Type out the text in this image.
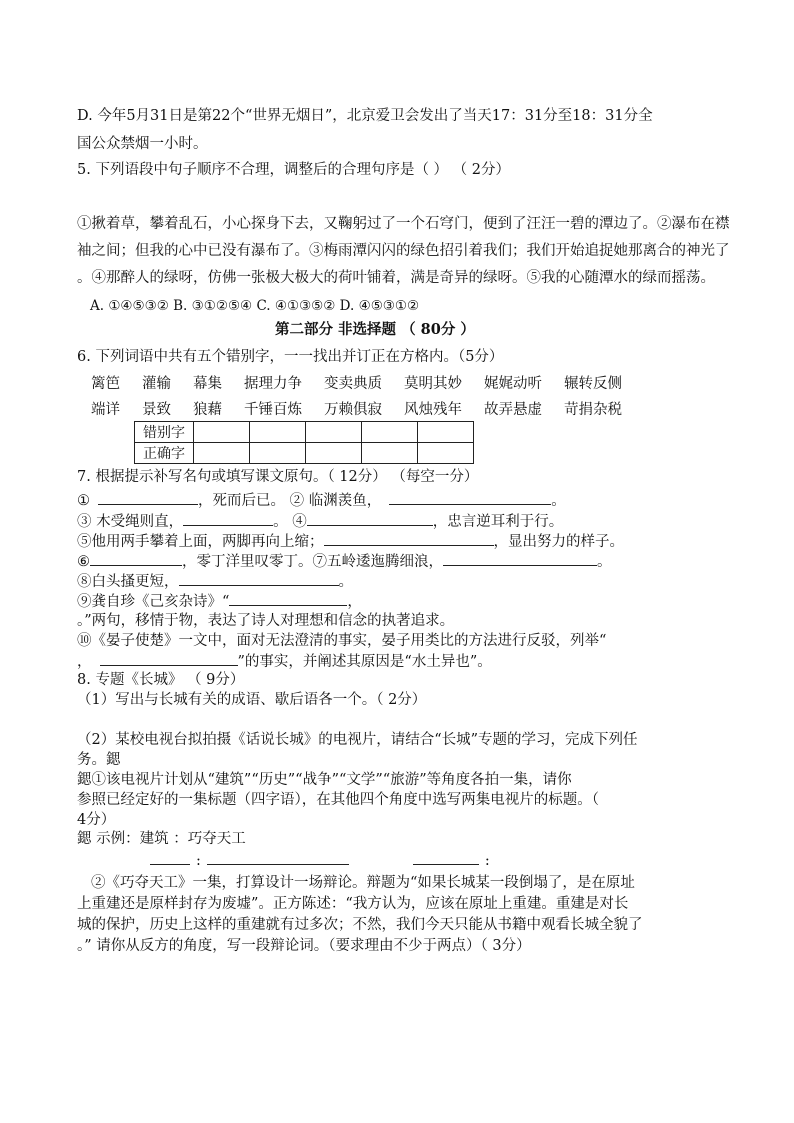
D. 今年5月31日是第22个“世界无烟日”，北京爱卫会发出了当天17：31分至18：31分全
国公众禁烟一小时。
5. 下列语段中句子顺序不合理，调整后的合理句序是（ ） （ 2分）
①揪着草，攀着乱石，小心探身下去，又鞠躬过了一个石穹门，便到了汪汪一碧的潭边了。②瀑布在襟
袖之间；但我的心中已没有瀑布了。③梅雨潭闪闪的绿色招引着我们；我们开始追捉她那离合的神光了
。④那醉人的绿呀，仿佛一张极大极大的荷叶铺着，满是奇异的绿呀。⑤我的心随潭水的绿而摇荡。
A. ①④⑤③② B. ③①②⑤④ C. ④①③⑤② D. ④⑤③①②
第二部分 非选择题 （ 80分 ）
6. 下列词语中共有五个错别字，一一找出并订正在方格内。（5分）
篱笆 灌输 幕集 据理力争 变卖典质 莫明其妙 娓娓动听 辗转反侧
端详 景致 狼藉 千锤百炼 万赖俱寂 风烛残年 故弄悬虚 苛捐杂税
错别字					
正确字					
7. 根据提示补写名句或填写课文原句。（ 12分） （每空一分）
①	，死而后已。 ② 临渊羡鱼，	。
③ 木受绳则直，	。 ④	，忠言逆耳利于行。
⑤他用两手攀着上面，两脚再向上缩；	，显出努力的样子。
⑥	，零丁洋里叹零丁。⑦五岭逶迤腾细浪，	。
⑧白头搔更短，	。
⑨龚自珍《己亥杂诗》“	，
。”两句，移情于物，表达了诗人对理想和信念的执著追求。
⑩《晏子使楚》一文中，面对无法澄清的事实，晏子用类比的方法进行反驳，列举“
，	”的事实，并阐述其原因是“水土异也”。
8. 专题《长城》 （ 9分）
（1）写出与长城有关的成语、歇后语各一个。（ 2分）
（2）某校电视台拟拍摄《话说长城》的电视片，请结合“长城”专题的学习，完成下列任
务。鍶
鍶①该电视片计划从“建筑”“历史”“战争”“文学”“旅游”等角度各拍一集，请你
参照已经定好的一集标题（四字语），在其他四个角度中选写两集电视片的标题。（
4分）
鍶 示例：建筑 ：巧夺天工
:	:
②《巧夺天工》一集，打算设计一场辩论。辩题为“如果长城某一段倒塌了，是在原址
上重建还是原样封存为废墟”。正方陈述：“我方认为，应该在原址上重建。重建是对长
城的保护，历史上这样的重建就有过多次；不然，我们今天只能从书籍中观看长城全貌了
。” 请你从反方的角度，写一段辩论词。（要求理由不少于两点）（ 3分）
